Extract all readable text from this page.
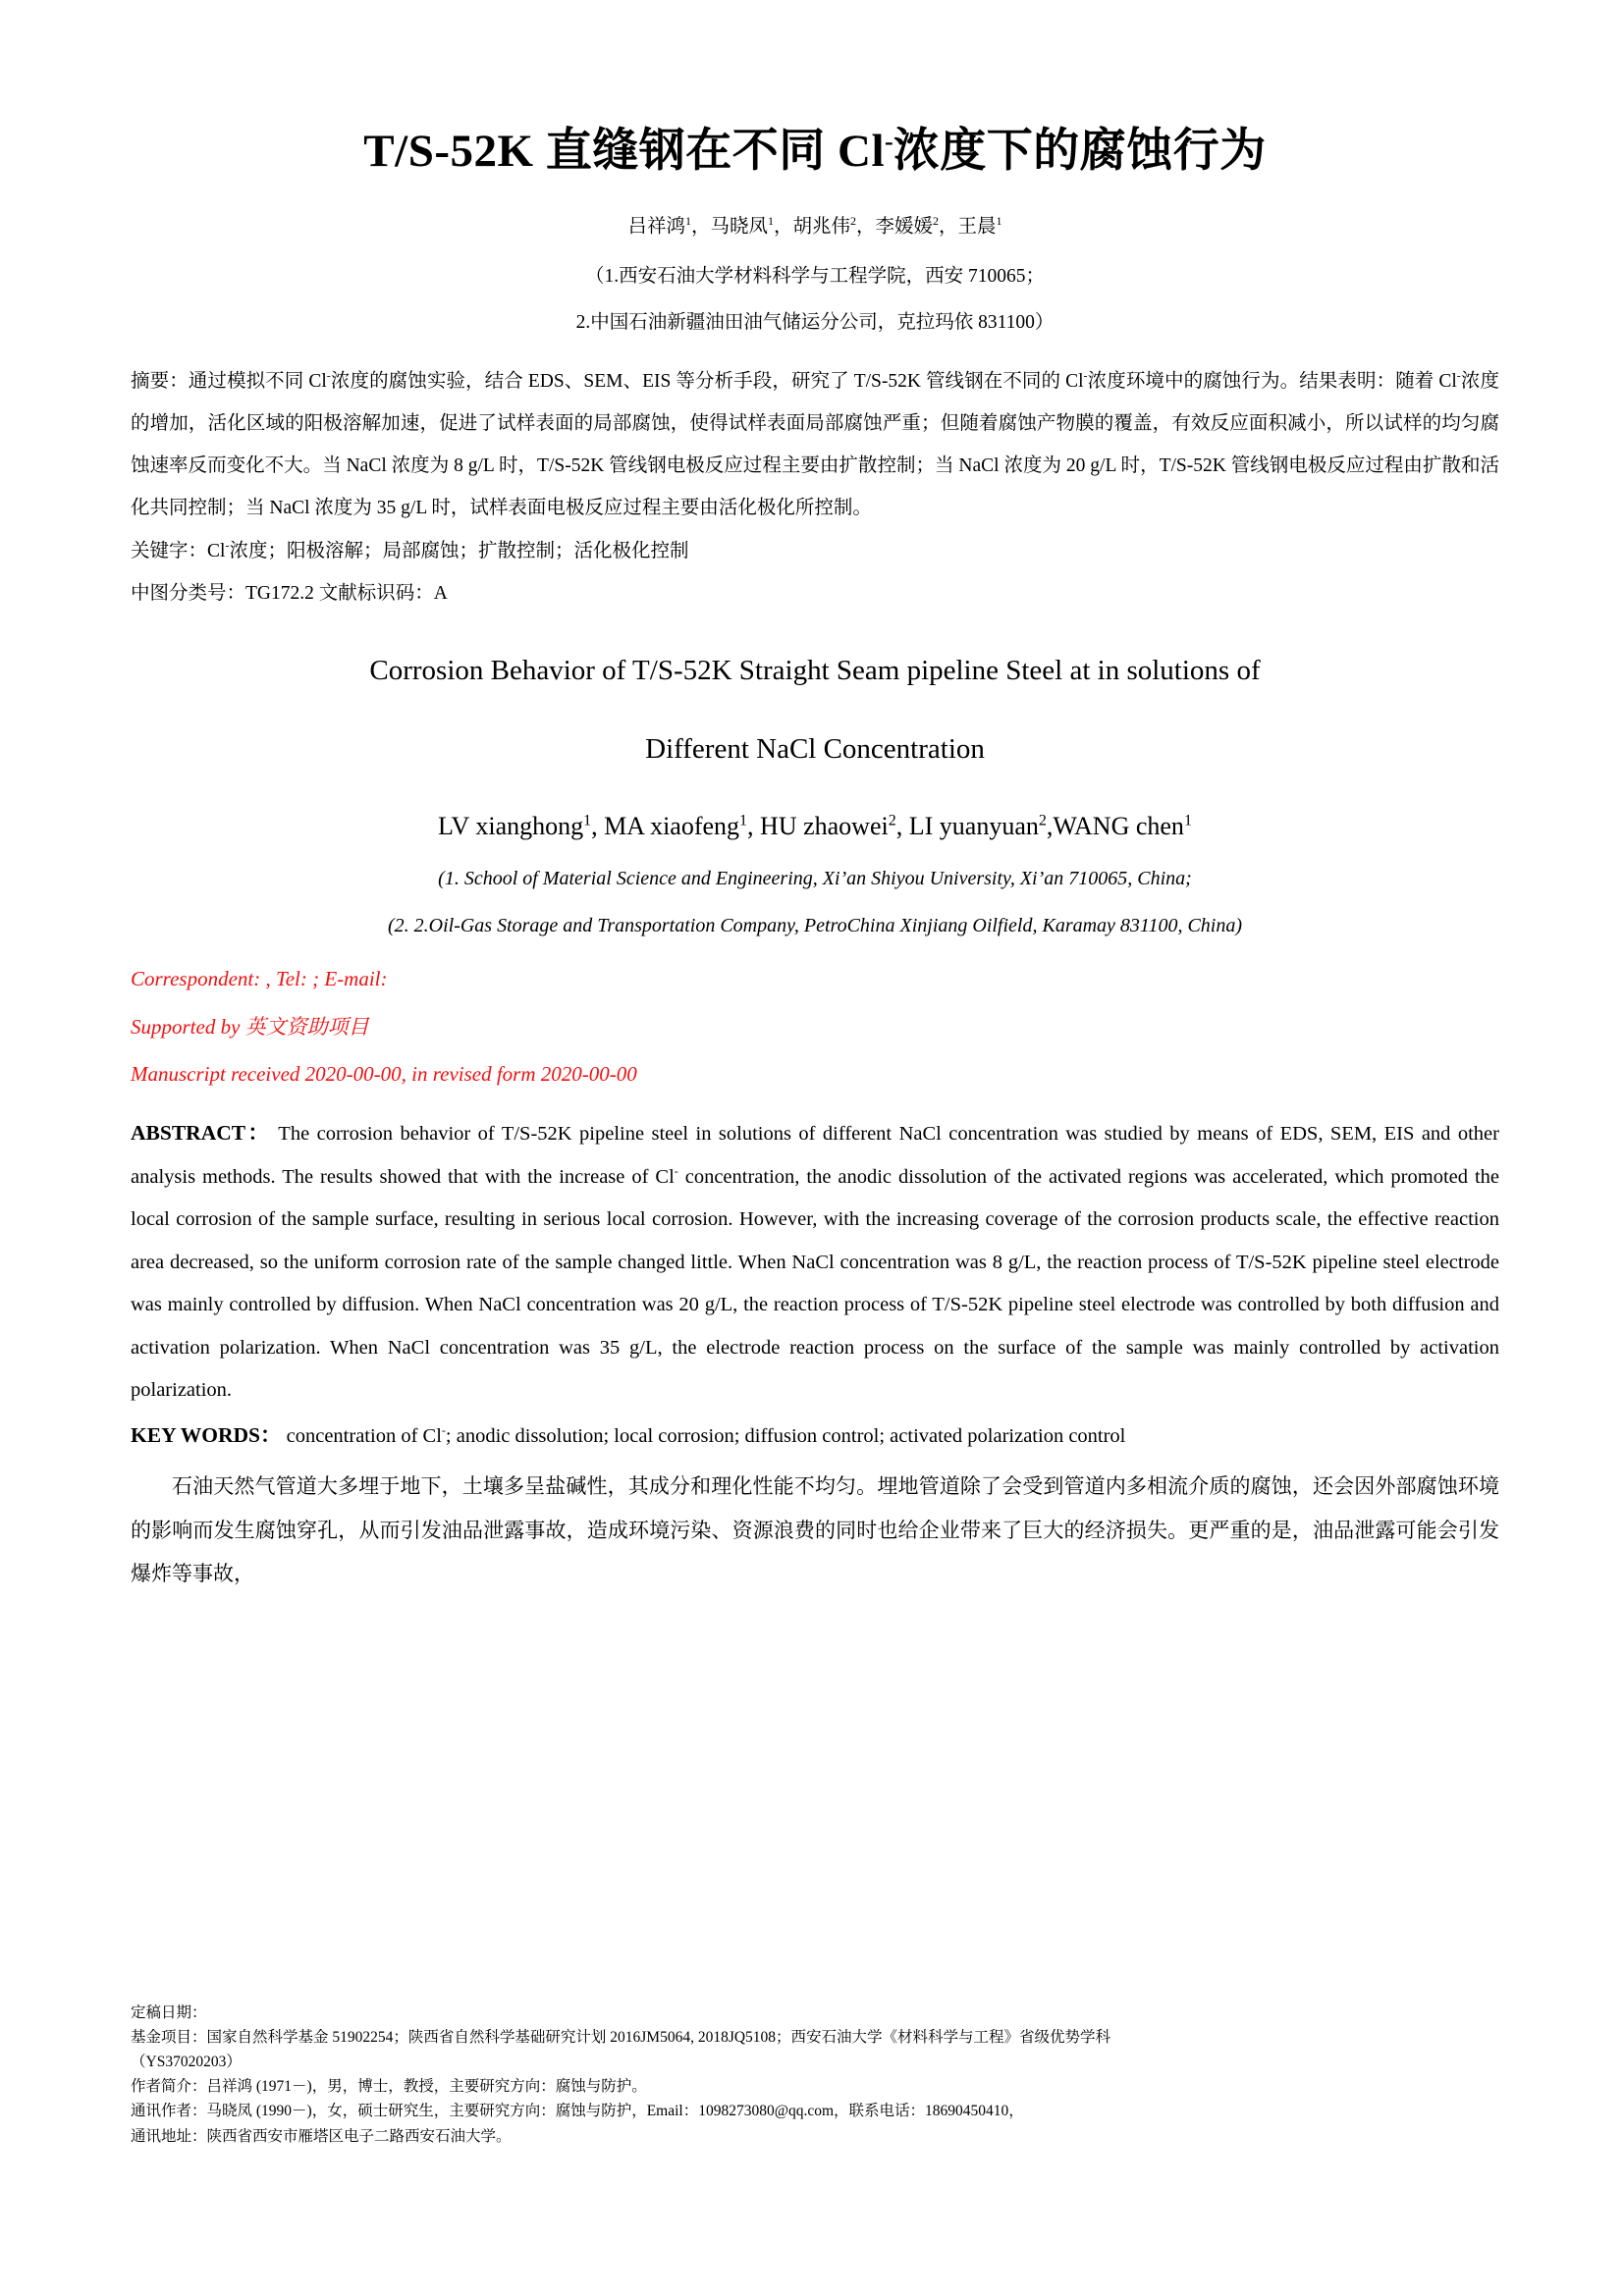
T/S-52K 直缝钢在不同 Cl-浓度下的腐蚀行为
吕祥鸿$^1$，马晓凤$^1$，胡兆伟$^2$，李媛媛$^2$，王晨$^1$
（1.西安石油大学材料科学与工程学院，西安 710065；
2.中国石油新疆油田油气储运分公司，克拉玛依 831100）
摘要：通过模拟不同 Cl-浓度的腐蚀实验，结合 EDS、SEM、EIS 等分析手段，研究了 T/S-52K 管线钢在不同的 Cl-浓度环境中的腐蚀行为。结果表明：随着 Cl-浓度的增加，活化区域的阳极溶解加速，促进了试样表面的局部腐蚀，使得试样表面局部腐蚀严重；但随着腐蚀产物膜的覆盖，有效反应面积减小，所以试样的均匀腐蚀速率反而变化不大。当 NaCl 浓度为 8 g/L 时，T/S-52K 管线钢电极反应过程主要由扩散控制；当 NaCl 浓度为 20 g/L 时，T/S-52K 管线钢电极反应过程由扩散和活化共同控制；当 NaCl 浓度为 35 g/L 时，试样表面电极反应过程主要由活化极化所控制。
关键字：Cl-浓度；阳极溶解；局部腐蚀；扩散控制；活化极化控制
中图分类号：TG172.2 文献标识码：A
Corrosion Behavior of T/S-52K Straight Seam pipeline Steel at in solutions of
Different NaCl Concentration
LV xianghong$^1$, MA xiaofeng$^1$, HU zhaowei$^2$, LI yuanyuan$^2$,WANG chen$^1$
(1. School of Material Science and Engineering, Xi’an Shiyou University, Xi’an 710065, China;
(2. 2.Oil-Gas Storage and Transportation Company, PetroChina Xinjiang Oilfield, Karamay 831100, China)
Correspondent: , Tel: ; E-mail:
Supported by 英文资助项目
Manuscript received 2020-00-00, in revised form 2020-00-00
ABSTRACT： The corrosion behavior of T/S-52K pipeline steel in solutions of different NaCl concentration was studied by means of EDS, SEM, EIS and other analysis methods. The results showed that with the increase of Cl- concentration, the anodic dissolution of the activated regions was accelerated, which promoted the local corrosion of the sample surface, resulting in serious local corrosion. However, with the increasing coverage of the corrosion products scale, the effective reaction area decreased, so the uniform corrosion rate of the sample changed little. When NaCl concentration was 8 g/L, the reaction process of T/S-52K pipeline steel electrode was mainly controlled by diffusion. When NaCl concentration was 20 g/L, the reaction process of T/S-52K pipeline steel electrode was controlled by both diffusion and activation polarization. When NaCl concentration was 35 g/L, the electrode reaction process on the surface of the sample was mainly controlled by activation polarization.
KEY WORDS： concentration of Cl-; anodic dissolution; local corrosion; diffusion control; activated polarization control
石油天然气管道大多埋于地下，土壤多呈盐碱性，其成分和理化性能不均匀。埋地管道除了会受到管道内多相流介质的腐蚀，还会因外部腐蚀环境的影响而发生腐蚀穿孔，从而引发油品泄露事故，造成环境污染、资源浪费的同时也给企业带来了巨大的经济损失。更严重的是，油品泄露可能会引发爆炸等事故，
定稿日期：
基金项目：国家自然科学基金 51902254；陕西省自然科学基础研究计划 2016JM5064, 2018JQ5108；西安石油大学《材料科学与工程》省级优势学科
（YS37020203）
作者简介：吕祥鸿 (1971－)，男，博士，教授，主要研究方向：腐蚀与防护。
通讯作者：马晓凤 (1990－)，女，硕士研究生，主要研究方向：腐蚀与防护，Email：1098273080@qq.com，联系电话：18690450410，
通讯地址：陕西省西安市雁塔区电子二路西安石油大学。
